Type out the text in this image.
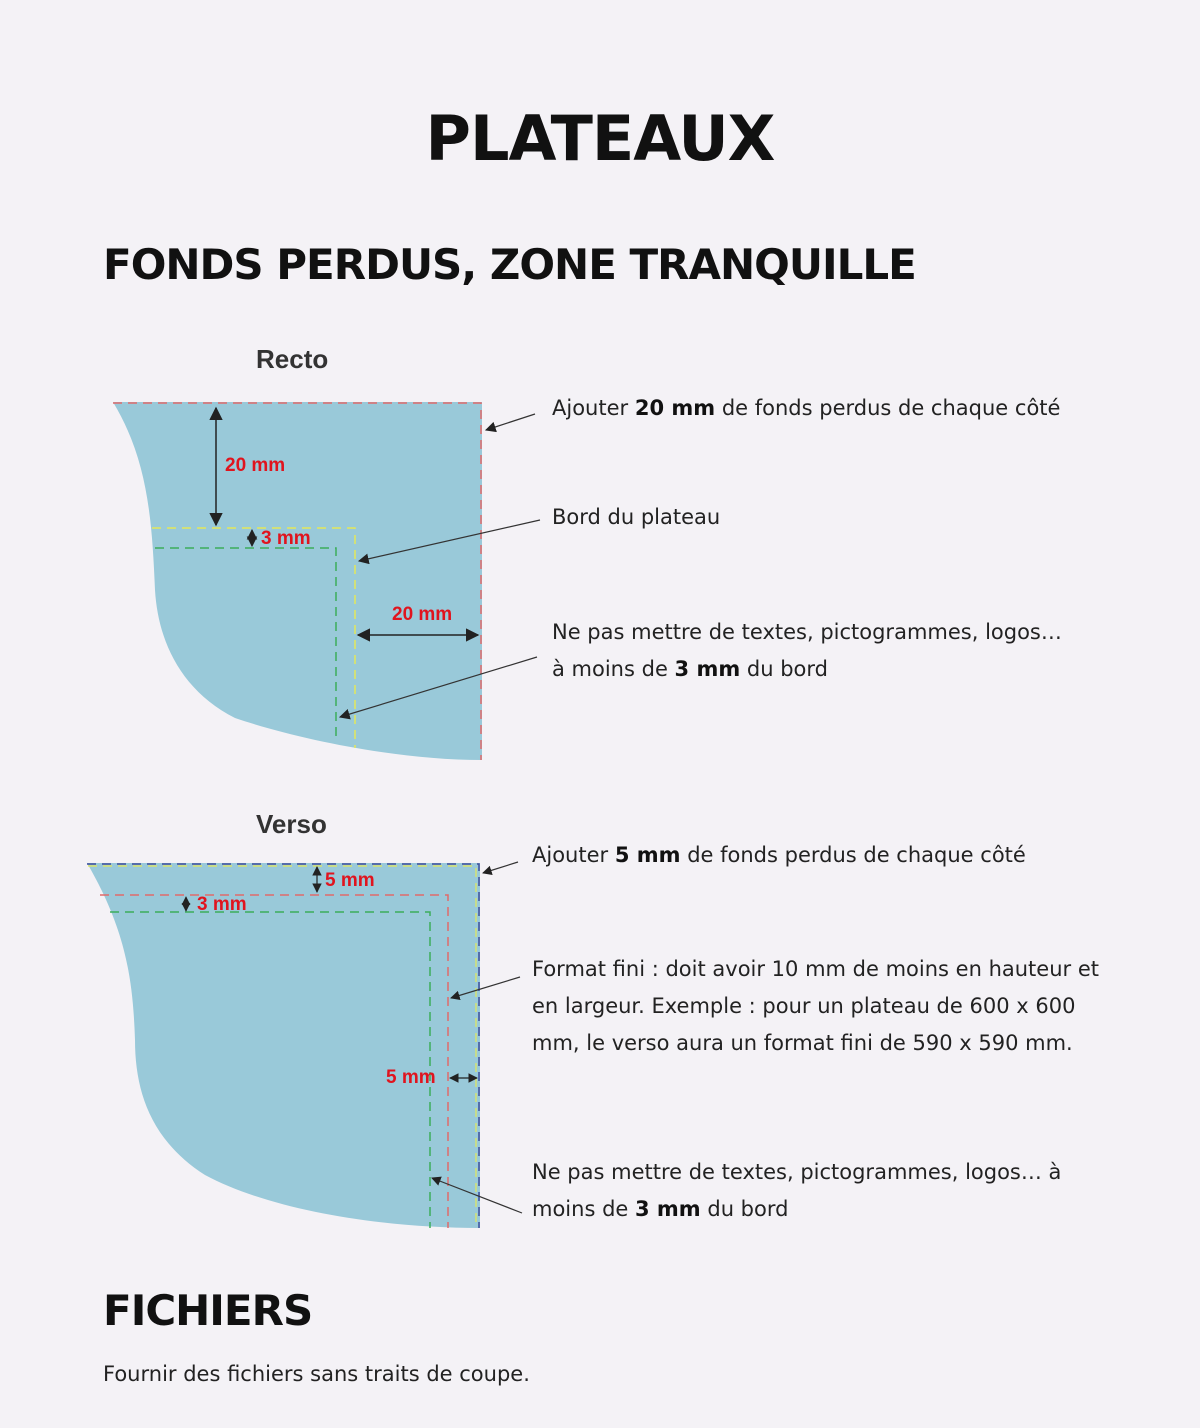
PLATEAUX
FONDS PERDUS, ZONE TRANQUILLE

Recto

20 mm
3 mm
20 mm
Ajouter 20 mm de fonds perdus de chaque côté
Bord du plateau
Ne pas mettre de textes, pictogrammes, logos…
à moins de 3 mm du bord

Verso

5 mm
3 mm
5 mm
Ajouter 5 mm de fonds perdus de chaque côté
Format fini : doit avoir 10 mm de moins en hauteur et
en largeur. Exemple : pour un plateau de 600 x 600
mm, le verso aura un format fini de 590 x 590 mm.
Ne pas mettre de textes, pictogrammes, logos… à
moins de 3 mm du bord
FICHIERS

Fournir des fichiers sans traits de coupe.
